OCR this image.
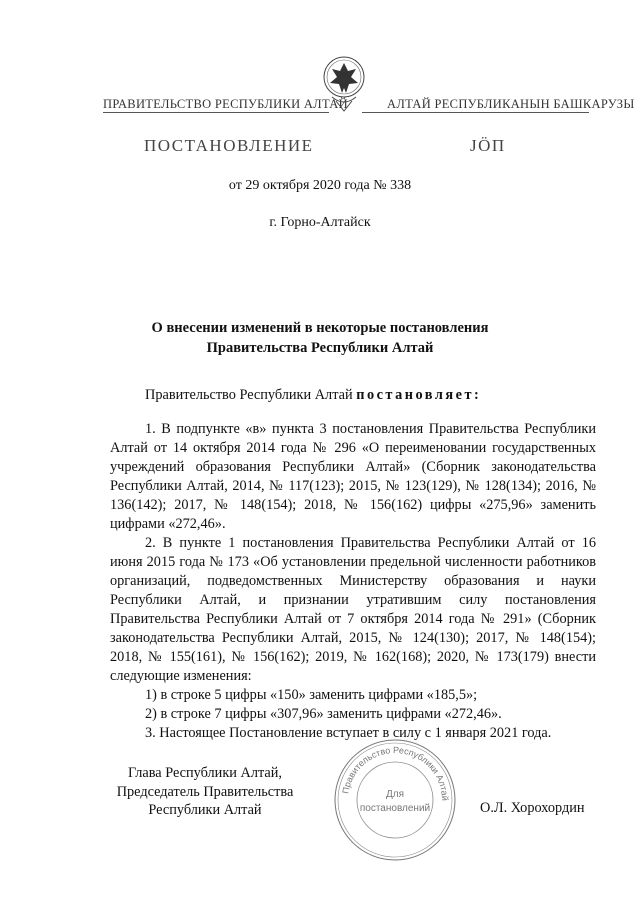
ПРАВИТЕЛЬСТВО РЕСПУБЛИКИ АЛТАЙ	АЛТАЙ РЕСПУБЛИКАНЫН БАШКАРУЗЫ
ПОСТАНОВЛЕНИЕ	ЈÖП
от 29 октября 2020 года № 338
г. Горно-Алтайск
О внесении изменений в некоторые постановления
Правительства Республики Алтай

Правительство Республики Алтай постановляет:

1. В подпункте «в» пункта 3 постановления Правительства Республики Алтай от 14 октября 2014 года № 296 «О переименовании государственных учреждений образования Республики Алтай» (Сборник законодательства Республики Алтай, 2014, № 117(123); 2015, № 123(129), № 128(134); 2016, № 136(142); 2017, № 148(154); 2018, № 156(162) цифры «275,96» заменить цифрами «272,46».

2. В пункте 1 постановления Правительства Республики Алтай от 16 июня 2015 года № 173 «Об установлении предельной численности работников организаций, подведомственных Министерству образования и науки Республики Алтай, и признании утратившим силу постановления Правительства Республики Алтай от 7 октября 2014 года № 291» (Сборник законодательства Республики Алтай, 2015, № 124(130); 2017, № 148(154); 2018, № 155(161), № 156(162); 2019, № 162(168); 2020, № 173(179) внести следующие изменения:

1) в строке 5 цифры «150» заменить цифрами «185,5»;

2) в строке 7 цифры «307,96» заменить цифрами «272,46».

3. Настоящее Постановление вступает в силу с 1 января 2021 года.

Правительство Республики Алтай
Для
постановлений
Глава Республики Алтай,
Председатель Правительства
Республики Алтай	О.Л. Хорохордин
